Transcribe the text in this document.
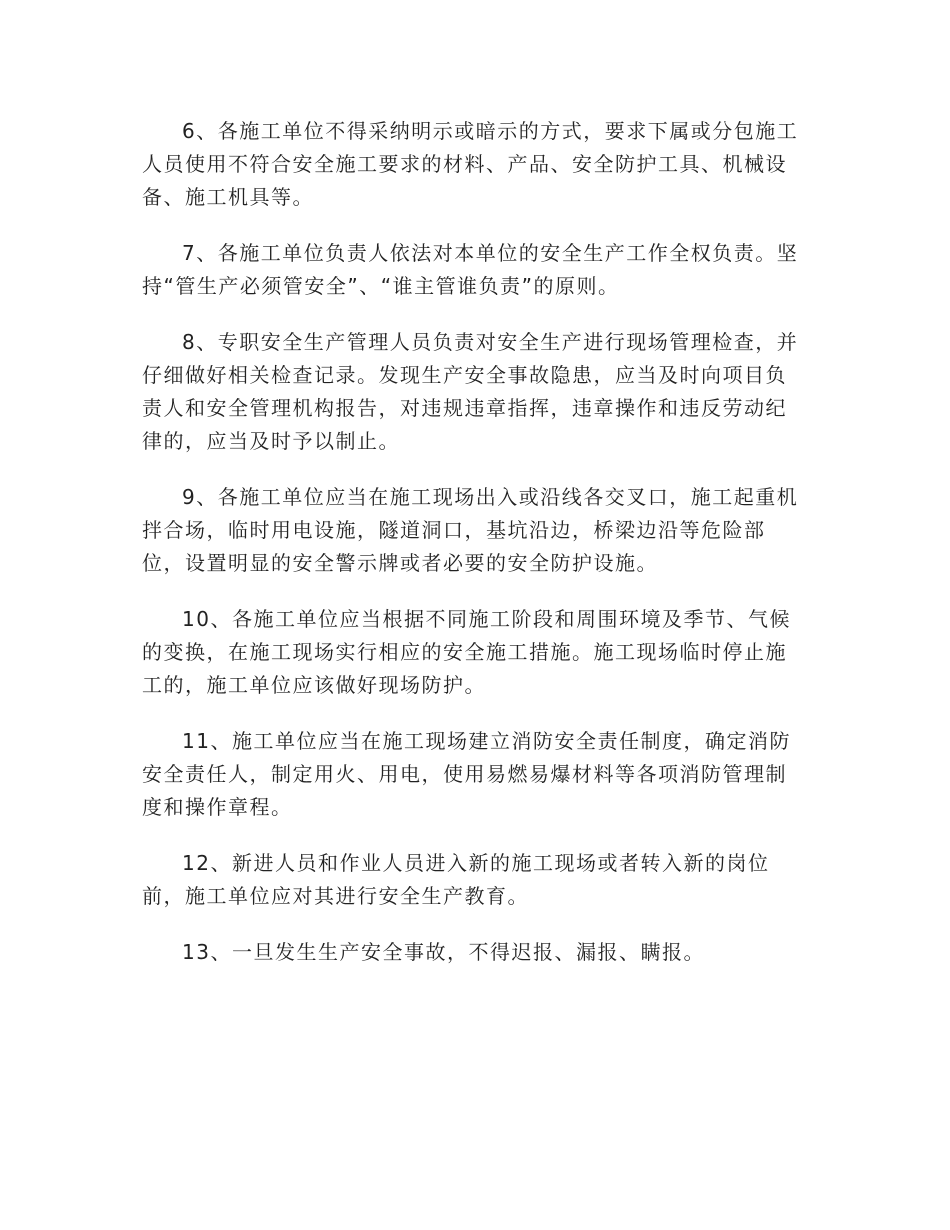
6、各施工单位不得采纳明示或暗示的方式，要求下属或分包施工人员使用不符合安全施工要求的材料、产品、安全防护工具、机械设备、施工机具等。

7、各施工单位负责人依法对本单位的安全生产工作全权负责。坚持“管生产必须管安全”、“谁主管谁负责”的原则。

8、专职安全生产管理人员负责对安全生产进行现场管理检查，并仔细做好相关检查记录。发现生产安全事故隐患，应当及时向项目负责人和安全管理机构报告，对违规违章指挥，违章操作和违反劳动纪律的，应当及时予以制止。

9、各施工单位应当在施工现场出入或沿线各交叉口，施工起重机拌合场，临时用电设施，隧道洞口，基坑沿边，桥梁边沿等危险部位，设置明显的安全警示牌或者必要的安全防护设施。

10、各施工单位应当根据不同施工阶段和周围环境及季节、气候的变换，在施工现场实行相应的安全施工措施。施工现场临时停止施工的，施工单位应该做好现场防护。

11、施工单位应当在施工现场建立消防安全责任制度，确定消防安全责任人，制定用火、用电，使用易燃易爆材料等各项消防管理制度和操作章程。

12、新进人员和作业人员进入新的施工现场或者转入新的岗位前，施工单位应对其进行安全生产教育。

13、一旦发生生产安全事故，不得迟报、漏报、瞒报。
